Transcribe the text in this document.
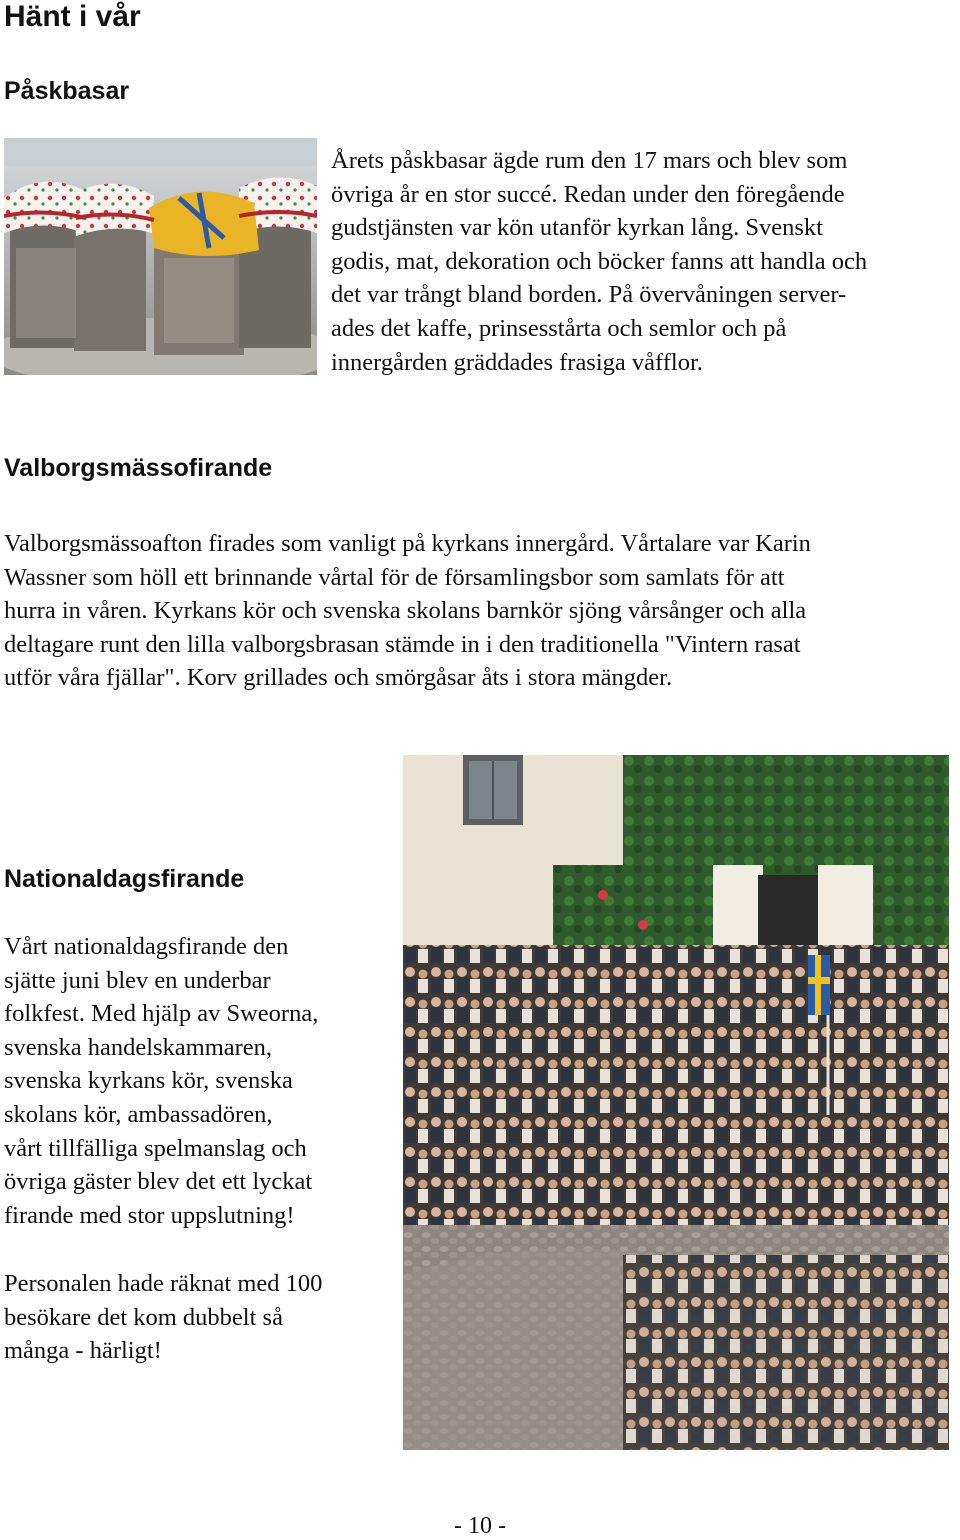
Hänt i vår
Påskbasar

Årets påskbasar ägde rum den 17 mars och blev som
övriga år en stor succé. Redan under den föregående
gudstjänsten var kön utanför kyrkan lång. Svenskt
godis, mat, dekoration och böcker fanns att handla och
det var trångt bland borden. På övervåningen server-
ades det kaffe, prinsesstårta och semlor och på
innergården gräddades frasiga våfflor.

Valborgsmässofirande

Valborgsmässoafton firades som vanligt på kyrkans innergård. Vårtalare var Karin
Wassner som höll ett brinnande vårtal för de församlingsbor som samlats för att
hurra in våren. Kyrkans kör och svenska skolans barnkör sjöng vårsånger och alla
deltagare runt den lilla valborgsbrasan stämde in i den traditionella "Vintern rasat
utför våra fjällar". Korv grillades och smörgåsar åts i stora mängder.

Nationaldagsfirande

Vårt nationaldagsfirande den
sjätte juni blev en underbar
folkfest. Med hjälp av Sweorna,
svenska handelskammaren,
svenska kyrkans kör, svenska
skolans kör, ambassadören,
vårt tillfälliga spelmanslag och
övriga gäster blev det ett lyckat
firande med stor uppslutning!

Personalen hade räknat med 100
besökare det kom dubbelt så
många - härligt!

- 10 -
